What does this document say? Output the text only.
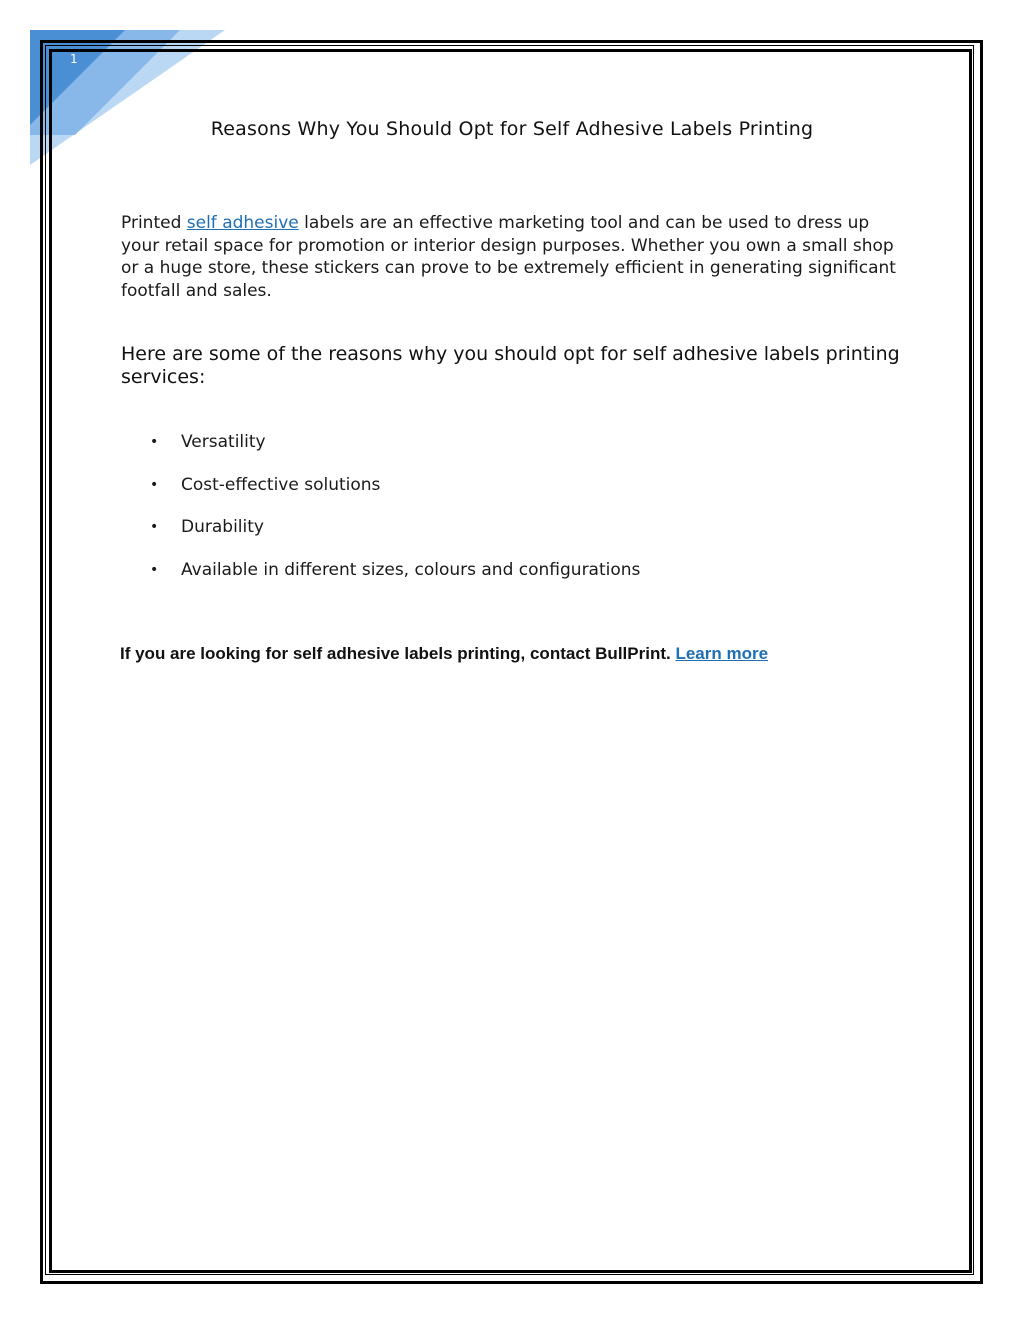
1
Reasons Why You Should Opt for Self Adhesive Labels Printing

Printed self adhesive labels are an effective marketing tool and can be used to dress up your retail space for promotion or interior design purposes. Whether you own a small shop or a huge store, these stickers can prove to be extremely efficient in generating significant footfall and sales.

Here are some of the reasons why you should opt for self adhesive labels printing services:
• Versatility
• Cost-effective solutions
• Durability
• Available in different sizes, colours and configurations

If you are looking for self adhesive labels printing, contact BullPrint. Learn more
